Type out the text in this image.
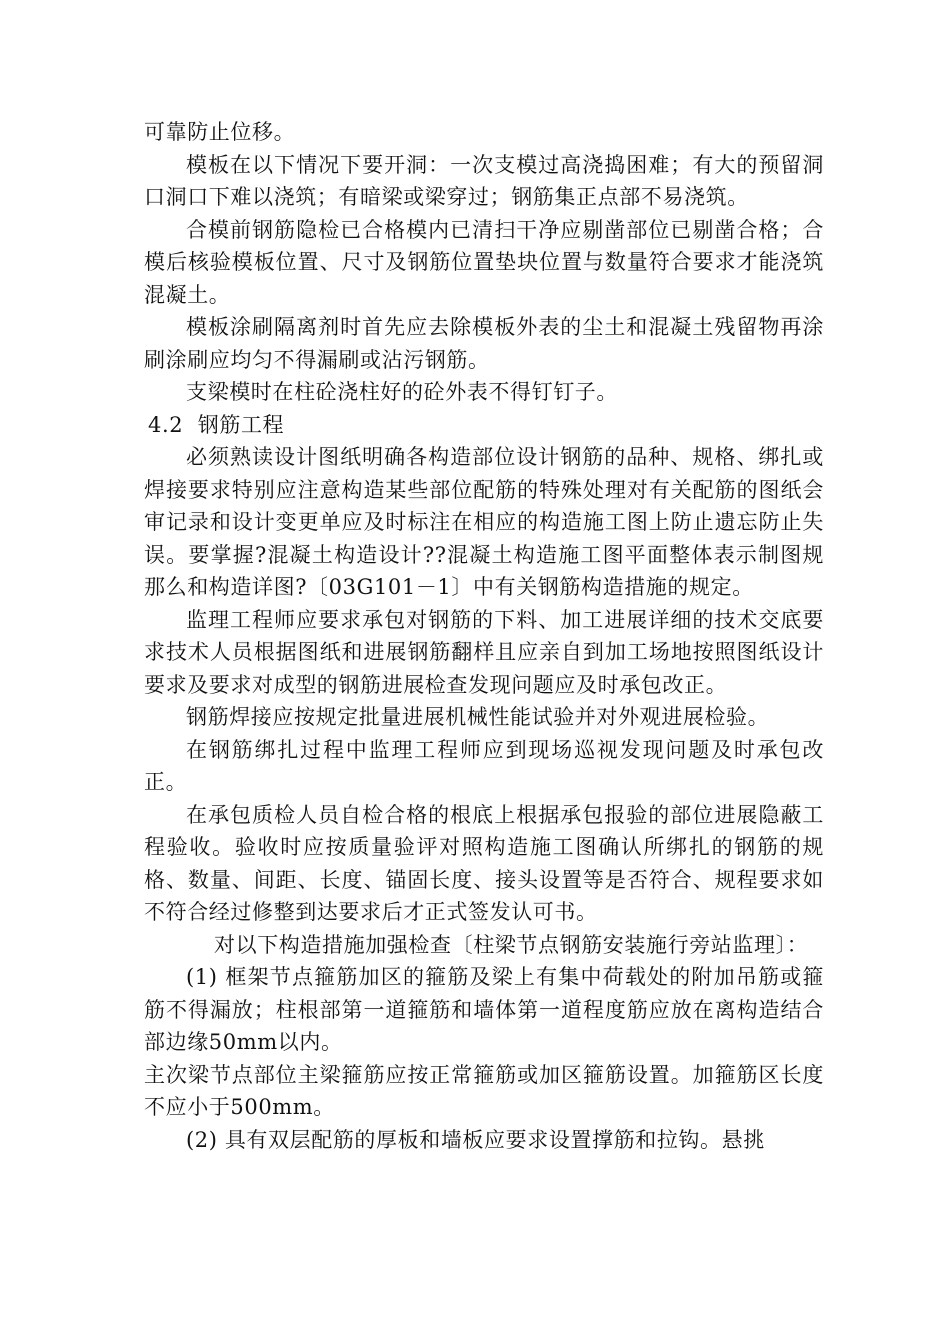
可靠防止位移。

模板在以下情况下要开洞：一次支模过高浇捣困难；有大的预留洞口洞口下难以浇筑；有暗梁或梁穿过；钢筋集正点部不易浇筑。

合模前钢筋隐检已合格模内已清扫干净应剔凿部位已剔凿合格；合模后核验模板位置、尺寸及钢筋位置垫块位置与数量符合要求才能浇筑混凝土。

模板涂刷隔离剂时首先应去除模板外表的尘土和混凝土残留物再涂刷涂刷应均匀不得漏刷或沾污钢筋。

支梁模时在柱砼浇柱好的砼外表不得钉钉子。

4.2  钢筋工程

必须熟读设计图纸明确各构造部位设计钢筋的品种、规格、绑扎或焊接要求特别应注意构造某些部位配筋的特殊处理对有关配筋的图纸会审记录和设计变更单应及时标注在相应的构造施工图上防止遗忘防止失误。要掌握?混凝土构造设计??混凝土构造施工图平面整体表示制图规那么和构造详图?〔03G101－1〕中有关钢筋构造措施的规定。

监理工程师应要求承包对钢筋的下料、加工进展详细的技术交底要求技术人员根据图纸和进展钢筋翻样且应亲自到加工场地按照图纸设计要求及要求对成型的钢筋进展检查发现问题应及时承包改正。

钢筋焊接应按规定批量进展机械性能试验并对外观进展检验。

在钢筋绑扎过程中监理工程师应到现场巡视发现问题及时承包改正。

在承包质检人员自检合格的根底上根据承包报验的部位进展隐蔽工程验收。验收时应按质量验评对照构造施工图确认所绑扎的钢筋的规格、数量、间距、长度、锚固长度、接头设置等是否符合、规程要求如不符合经过修整到达要求后才正式签发认可书。

对以下构造措施加强检查〔柱梁节点钢筋安装施行旁站监理〕：

(1) 框架节点箍筋加区的箍筋及梁上有集中荷载处的附加吊筋或箍筋不得漏放；柱根部第一道箍筋和墙体第一道程度筋应放在离构造结合部边缘50mm以内。

主次梁节点部位主梁箍筋应按正常箍筋或加区箍筋设置。加箍筋区长度不应小于500mm。

(2) 具有双层配筋的厚板和墙板应要求设置撑筋和拉钩。悬挑
